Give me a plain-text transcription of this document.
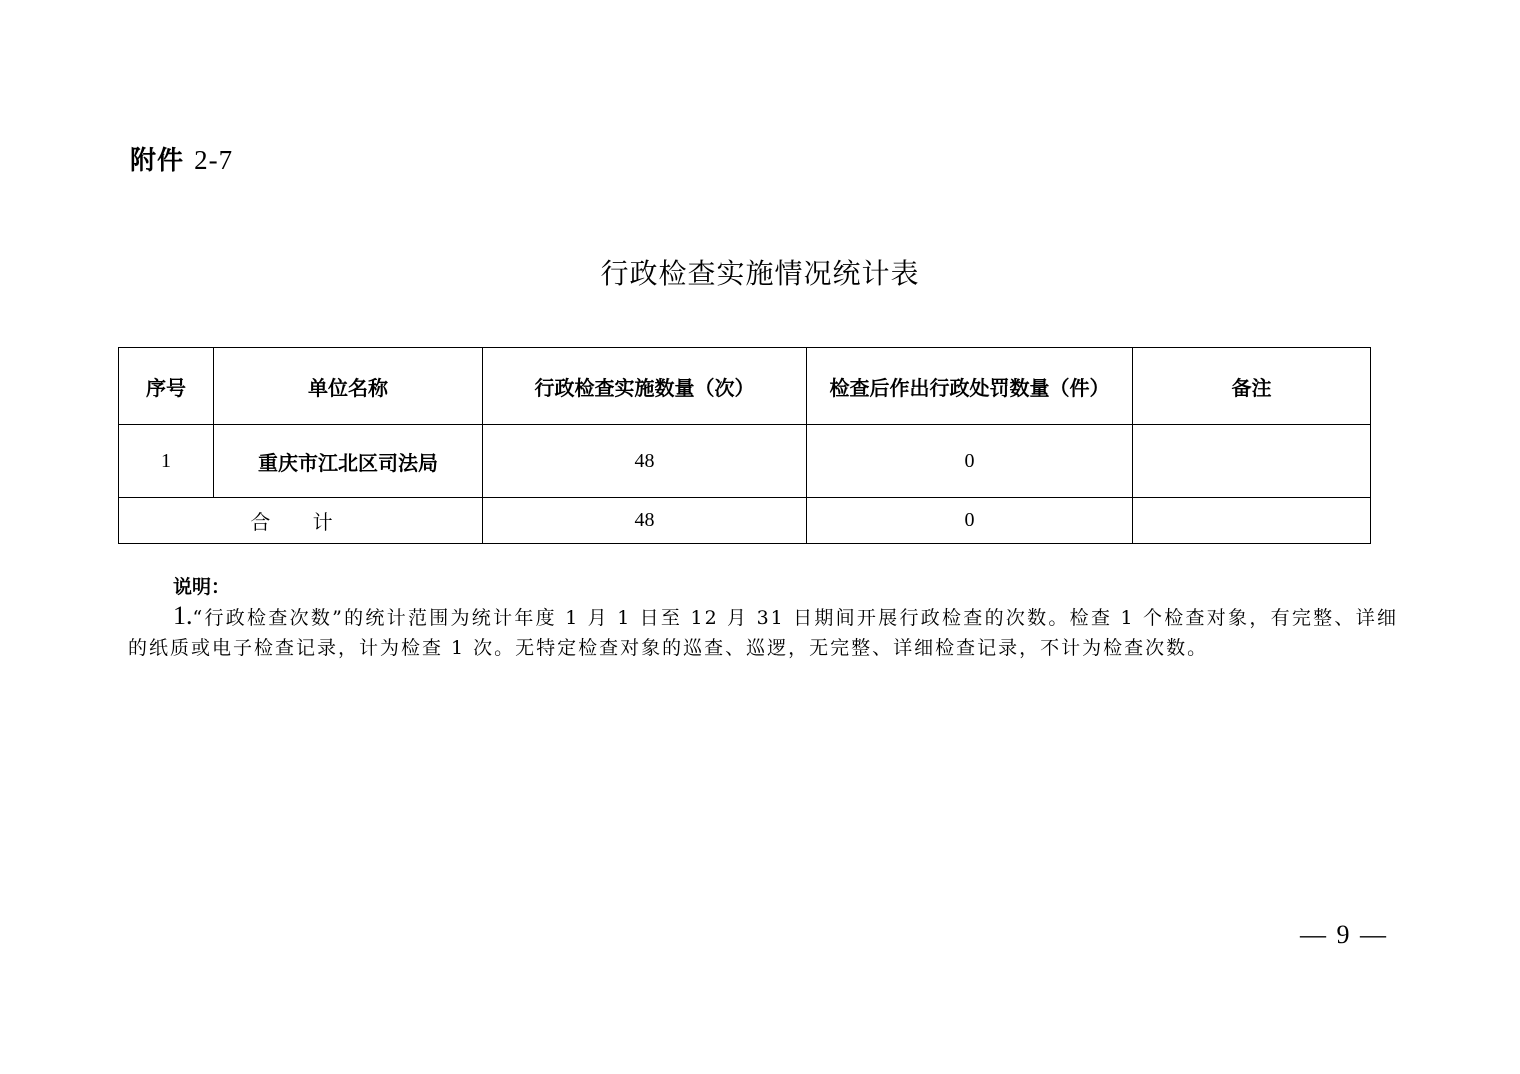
附件 2-7
行政检查实施情况统计表
序号	单位名称	行政检查实施数量（次）	检查后作出行政处罚数量（件）	备注
1	重庆市江北区司法局	48	0	
合 计		48	0	
说明：
1.“行政检查次数”的统计范围为统计年度 1 月 1 日至 12 月 31 日期间开展行政检查的次数。检查 1 个检查对象，有完整、详细的纸质或电子检查记录，计为检查 1 次。无特定检查对象的巡查、巡逻，无完整、详细检查记录，不计为检查次数。
— 9 —
